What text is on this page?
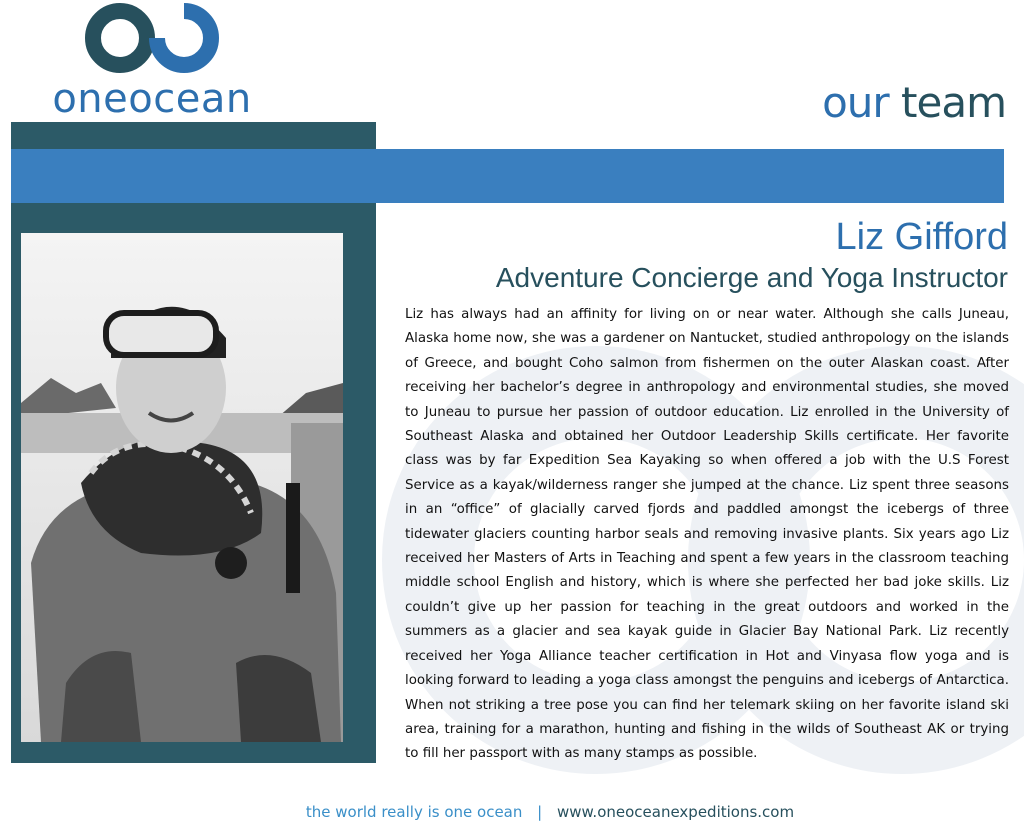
oneocean	our team
Liz Gifford
Adventure Concierge and Yoga Instructor

Liz has always had an affinity for living on or near water. Although she calls Juneau, Alaska home now, she was a gardener on Nantucket, studied anthropology on the islands of Greece, and bought Coho salmon from fishermen on the outer Alaskan coast. After receiving her bachelor’s degree in anthropology and environmental studies, she moved to Juneau to pursue her passion of outdoor education. Liz enrolled in the University of Southeast Alaska and obtained her Outdoor Leadership Skills certificate. Her favorite class was by far Expedition Sea Kayaking so when offered a job with the U.S Forest Service as a kayak/wilderness ranger she jumped at the chance. Liz spent three seasons in an “office” of glacially carved fjords and paddled amongst the icebergs of three tidewater glaciers counting harbor seals and removing invasive plants. Six years ago Liz received her Masters of Arts in Teaching and spent a few years in the classroom teaching middle school English and history, which is where she perfected her bad joke skills. Liz couldn’t give up her passion for teaching in the great outdoors and worked in the summers as a glacier and sea kayak guide in Glacier Bay National Park. Liz recently received her Yoga Alliance teacher certification in Hot and Vinyasa flow yoga and is looking forward to leading a yoga class amongst the penguins and icebergs of Antarctica. When not striking a tree pose you can find her telemark skiing on her favorite island ski area, training for a marathon, hunting and fishing in the wilds of Southeast AK or trying to fill her passport with as many stamps as possible.

the world really is one ocean | www.oneoceanexpeditions.com
